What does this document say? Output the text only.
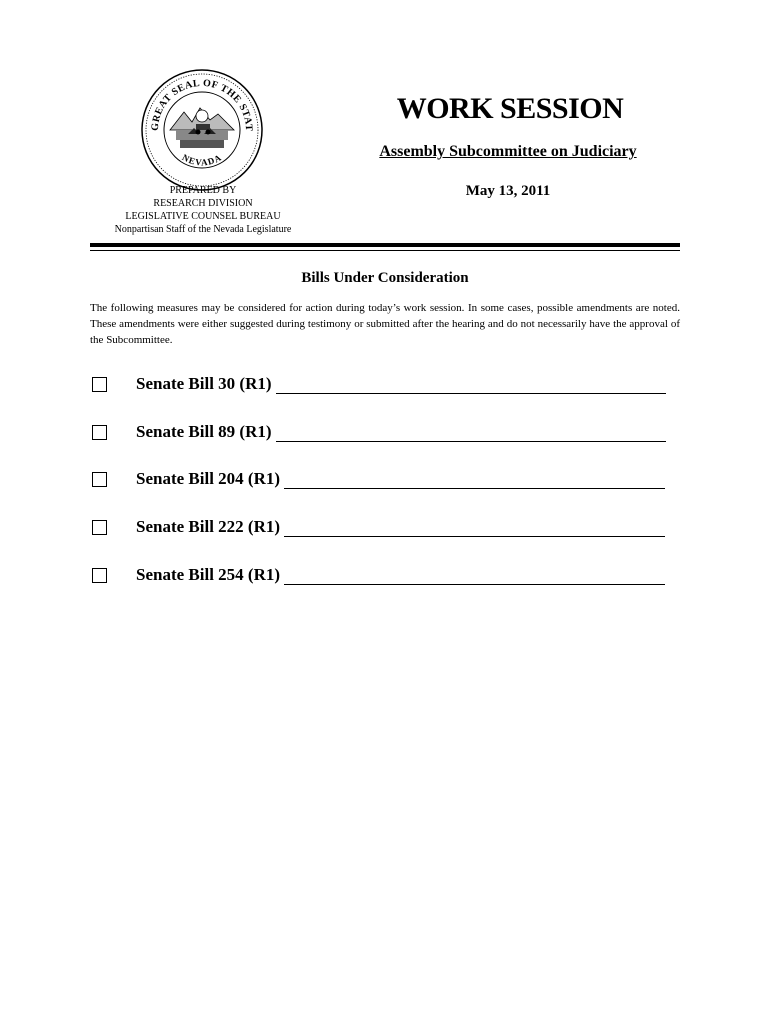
GREAT SEAL OF THE STAT
NEVADA
WORK SESSION
Assembly Subcommittee on Judiciary
May 13, 2011
PREPARED BY
RESEARCH DIVISION
LEGISLATIVE COUNSEL BUREAU
Nonpartisan Staff of the Nevada Legislature
Bills Under Consideration
The following measures may be considered for action during today’s work session. In some cases, possible amendments are noted. These amendments were either suggested during testimony or submitted after the hearing and do not necessarily have the approval of the Subcommittee.
Senate Bill 30 (R1)
Senate Bill 89 (R1)
Senate Bill 204 (R1)
Senate Bill 222 (R1)
Senate Bill 254 (R1)
